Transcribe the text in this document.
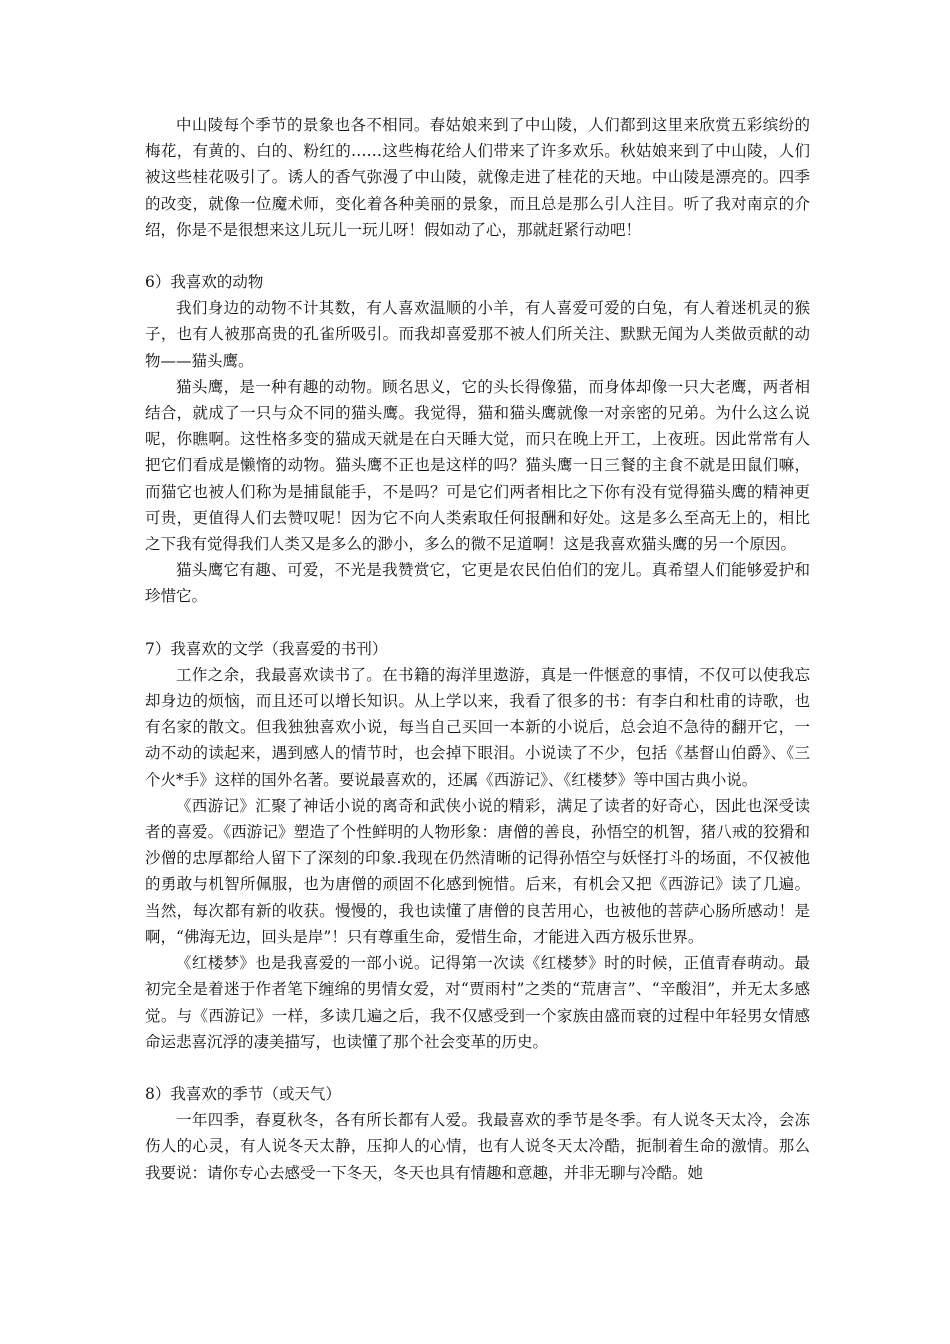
中山陵每个季节的景象也各不相同。春姑娘来到了中山陵，人们都到这里来欣赏五彩缤纷的梅花，有黄的、白的、粉红的……这些梅花给人们带来了许多欢乐。秋姑娘来到了中山陵，人们被这些桂花吸引了。诱人的香气弥漫了中山陵，就像走进了桂花的天地。中山陵是漂亮的。四季的改变，就像一位魔术师，变化着各种美丽的景象，而且总是那么引人注目。听了我对南京的介绍，你是不是很想来这儿玩儿一玩儿呀！假如动了心，那就赶紧行动吧！

6）我喜欢的动物

我们身边的动物不计其数，有人喜欢温顺的小羊，有人喜爱可爱的白兔，有人着迷机灵的猴子，也有人被那高贵的孔雀所吸引。而我却喜爱那不被人们所关注、默默无闻为人类做贡献的动物——猫头鹰。

猫头鹰，是一种有趣的动物。顾名思义，它的头长得像猫，而身体却像一只大老鹰，两者相结合，就成了一只与众不同的猫头鹰。我觉得，猫和猫头鹰就像一对亲密的兄弟。为什么这么说呢，你瞧啊。这性格多变的猫成天就是在白天睡大觉，而只在晚上开工，上夜班。因此常常有人把它们看成是懒惰的动物。猫头鹰不正也是这样的吗？猫头鹰一日三餐的主食不就是田鼠们嘛，而猫它也被人们称为是捕鼠能手，不是吗？可是它们两者相比之下你有没有觉得猫头鹰的精神更可贵，更值得人们去赞叹呢！因为它不向人类索取任何报酬和好处。这是多么至高无上的，相比之下我有觉得我们人类又是多么的渺小，多么的微不足道啊！这是我喜欢猫头鹰的另一个原因。

猫头鹰它有趣、可爱，不光是我赞赏它，它更是农民伯伯们的宠儿。真希望人们能够爱护和珍惜它。

7）我喜欢的文学（我喜爱的书刊）

工作之余，我最喜欢读书了。在书籍的海洋里遨游，真是一件惬意的事情，不仅可以使我忘却身边的烦恼，而且还可以增长知识。从上学以来，我看了很多的书：有李白和杜甫的诗歌，也有名家的散文。但我独独喜欢小说，每当自己买回一本新的小说后，总会迫不急待的翻开它，一动不动的读起来，遇到感人的情节时，也会掉下眼泪。小说读了不少，包括《基督山伯爵》、《三个火*手》这样的国外名著。要说最喜欢的，还属《西游记》、《红楼梦》等中国古典小说。

《西游记》汇聚了神话小说的离奇和武侠小说的精彩，满足了读者的好奇心，因此也深受读者的喜爱。《西游记》塑造了个性鲜明的人物形象：唐僧的善良，孙悟空的机智，猪八戒的狡猾和沙僧的忠厚都给人留下了深刻的印象.我现在仍然清晰的记得孙悟空与妖怪打斗的场面，不仅被他的勇敢与机智所佩服，也为唐僧的顽固不化感到惋惜。后来，有机会又把《西游记》读了几遍。当然，每次都有新的收获。慢慢的，我也读懂了唐僧的良苦用心，也被他的菩萨心肠所感动！是啊，“佛海无边，回头是岸”！只有尊重生命，爱惜生命，才能进入西方极乐世界。

《红楼梦》也是我喜爱的一部小说。记得第一次读《红楼梦》时的时候，正值青春萌动。最初完全是着迷于作者笔下缠绵的男情女爱，对“贾雨村”之类的“荒唐言”、“辛酸泪”，并无太多感觉。与《西游记》一样，多读几遍之后，我不仅感受到一个家族由盛而衰的过程中年轻男女情感命运悲喜沉浮的凄美描写，也读懂了那个社会变革的历史。

8）我喜欢的季节（或天气）

一年四季，春夏秋冬，各有所长都有人爱。我最喜欢的季节是冬季。有人说冬天太冷，会冻伤人的心灵，有人说冬天太静，压抑人的心情，也有人说冬天太冷酷，扼制着生命的激情。那么我要说：请你专心去感受一下冬天，冬天也具有情趣和意趣，并非无聊与冷酷。她
